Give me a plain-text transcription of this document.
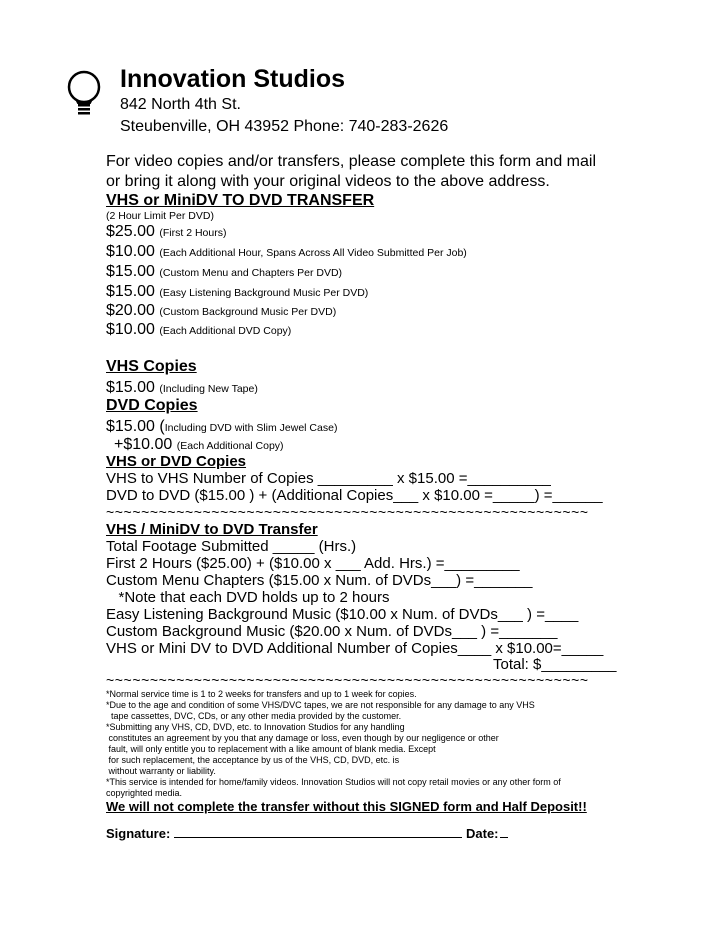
Innovation Studios
842 North 4th St.
Steubenville, OH 43952 Phone: 740-283-2626
For video copies and/or transfers, please complete this form and mail
or bring it along with your original videos to the above address.
VHS or MiniDV TO DVD TRANSFER
(2 Hour Limit Per DVD)
$25.00 (First 2 Hours)
$10.00 (Each Additional Hour, Spans Across All Video Submitted Per Job)
$15.00 (Custom Menu and Chapters Per DVD)
$15.00 (Easy Listening Background Music Per DVD)
$20.00 (Custom Background Music Per DVD)
$10.00 (Each Additional DVD Copy)
VHS Copies
$15.00 (Including New Tape)
DVD Copies
$15.00 (Including DVD with Slim Jewel Case)
+$10.00 (Each Additional Copy)
VHS or DVD Copies
VHS to VHS Number of Copies _________ x $15.00 =__________
DVD to DVD ($15.00 ) + (Additional Copies___ x $10.00 =_____) =______
~~~~~~~~~~~~~~~~~~~~~~~~~~~~~~~~~~~~~~~~~~~~~~~~~~~~~~~
VHS / MiniDV to DVD Transfer
Total Footage Submitted _____ (Hrs.)
First 2 Hours ($25.00) + ($10.00 x ___ Add. Hrs.) =_________
Custom Menu Chapters ($15.00 x Num. of DVDs___) =_______
*Note that each DVD holds up to 2 hours
Easy Listening Background Music ($10.00 x Num. of DVDs___ ) =____
Custom Background Music ($20.00 x Num. of DVDs___ ) =_______
VHS or Mini DV to DVD Additional Number of Copies____ x $10.00=_____
Total: $_________
~~~~~~~~~~~~~~~~~~~~~~~~~~~~~~~~~~~~~~~~~~~~~~~~~~~~~~~
*Normal service time is 1 to 2 weeks for transfers and up to 1 week for copies.
*Due to the age and condition of some VHS/DVC tapes, we are not responsible for any damage to any VHS
tape cassettes, DVC, CDs, or any other media provided by the customer.
*Submitting any VHS, CD, DVD, etc. to Innovation Studios for any handling
constitutes an agreement by you that any damage or loss, even though by our negligence or other
fault, will only entitle you to replacement with a like amount of blank media. Except
for such replacement, the acceptance by us of the VHS, CD, DVD, etc. is
without warranty or liability.
*This service is intended for home/family videos. Innovation Studios will not copy retail movies or any other form of
copyrighted media.
We will not complete the transfer without this SIGNED form and Half Deposit!!
Signature:	Date:
